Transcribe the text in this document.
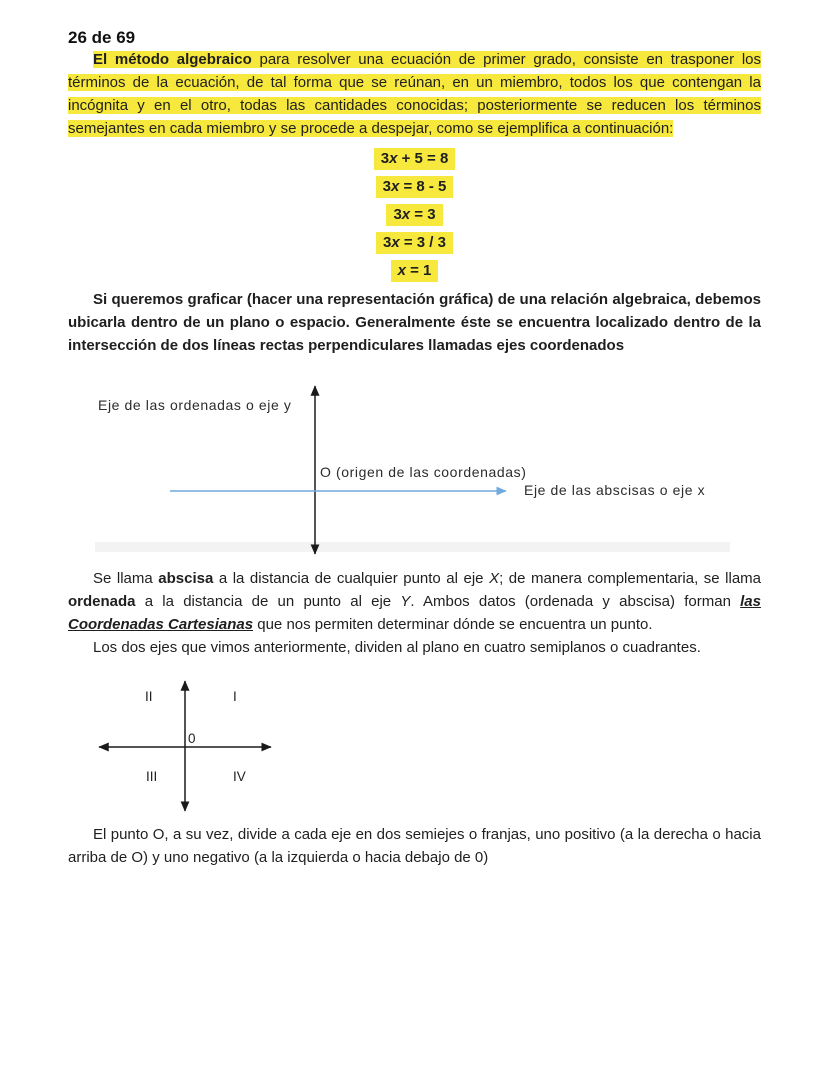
26 de 69

El método algebraico para resolver una ecuación de primer grado, consiste en trasponer los términos de la ecuación, de tal forma que se reúnan, en un miembro, todos los que contengan la incógnita y en el otro, todas las cantidades conocidas; posteriormente se reducen los términos semejantes en cada miembro y se procede a despejar, como se ejemplifica a continuación:

3x + 5 = 8
3x = 8 - 5
3x = 3
3x = 3 / 3
x = 1

Si queremos graficar (hacer una representación gráfica) de una relación algebraica, debemos ubicarla dentro de un plano o espacio. Generalmente éste se encuentra localizado dentro de la intersección de dos líneas rectas perpendiculares llamadas ejes coordenados

Eje de las ordenadas o eje y
O (origen de las coordenadas)
Eje de las abscisas o eje x

Se llama abscisa a la distancia de cualquier punto al eje X; de manera complementaria, se llama ordenada a la distancia de un punto al eje Y. Ambos datos (ordenada y abscisa) forman las Coordenadas Cartesianas que nos permiten determinar dónde se encuentra un punto.

Los dos ejes que vimos anteriormente, dividen al plano en cuatro semiplanos o cuadrantes.

II	I
III	IV
0

El punto O, a su vez, divide a cada eje en dos semiejes o franjas, uno positivo (a la derecha o hacia arriba de O) y uno negativo (a la izquierda o hacia debajo de 0)
